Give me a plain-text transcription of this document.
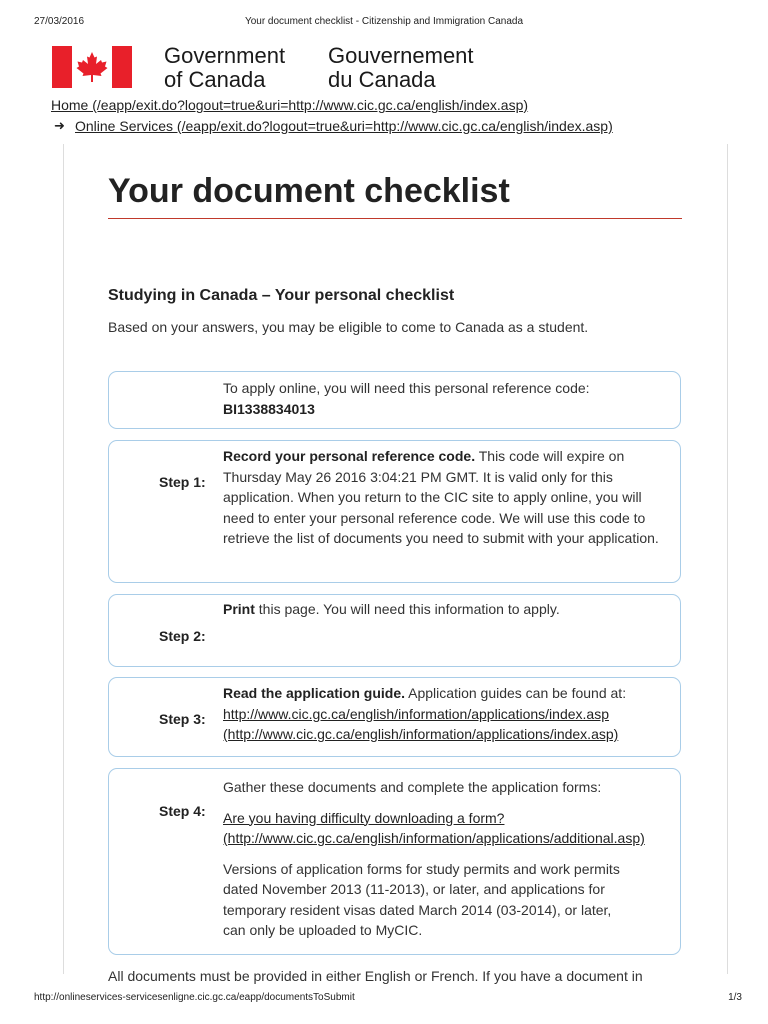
27/03/2016	Your document checklist - Citizenship and Immigration Canada
Government
of Canada
Gouvernement
du Canada
Home (/eapp/exit.do?logout=true&uri=http://www.cic.gc.ca/english/index.asp)
➜ Online Services (/eapp/exit.do?logout=true&uri=http://www.cic.gc.ca/english/index.asp)
Your document checklist
Studying in Canada – Your personal checklist

Based on your answers, you may be eligible to come to Canada as a student.

To apply online, you will need this personal reference code:

BI1338834013

Step 1:

Record your personal reference code. This code will expire on Thursday May 26 2016 3:04:21 PM GMT. It is valid only for this application. When you return to the CIC site to apply online, you will need to enter your personal reference code. We will use this code to retrieve the list of documents you need to submit with your application.

Step 2:

Print this page. You will need this information to apply.

Step 3:

Read the application guide. Application guides can be found at:

http://www.cic.gc.ca/english/information/applications/index.asp

(http://www.cic.gc.ca/english/information/applications/index.asp)

Step 4:

Gather these documents and complete the application forms:

Are you having difficulty downloading a form?

(http://www.cic.gc.ca/english/information/applications/additional.asp)

Versions of application forms for study permits and work permits dated November 2013 (11-2013), or later, and applications for temporary resident visas dated March 2014 (03-2014), or later, can only be uploaded to MyCIC.

All documents must be provided in either English or French. If you have a document in

http://onlineservices-servicesenligne.cic.gc.ca/eapp/documentsToSubmit	1/3
